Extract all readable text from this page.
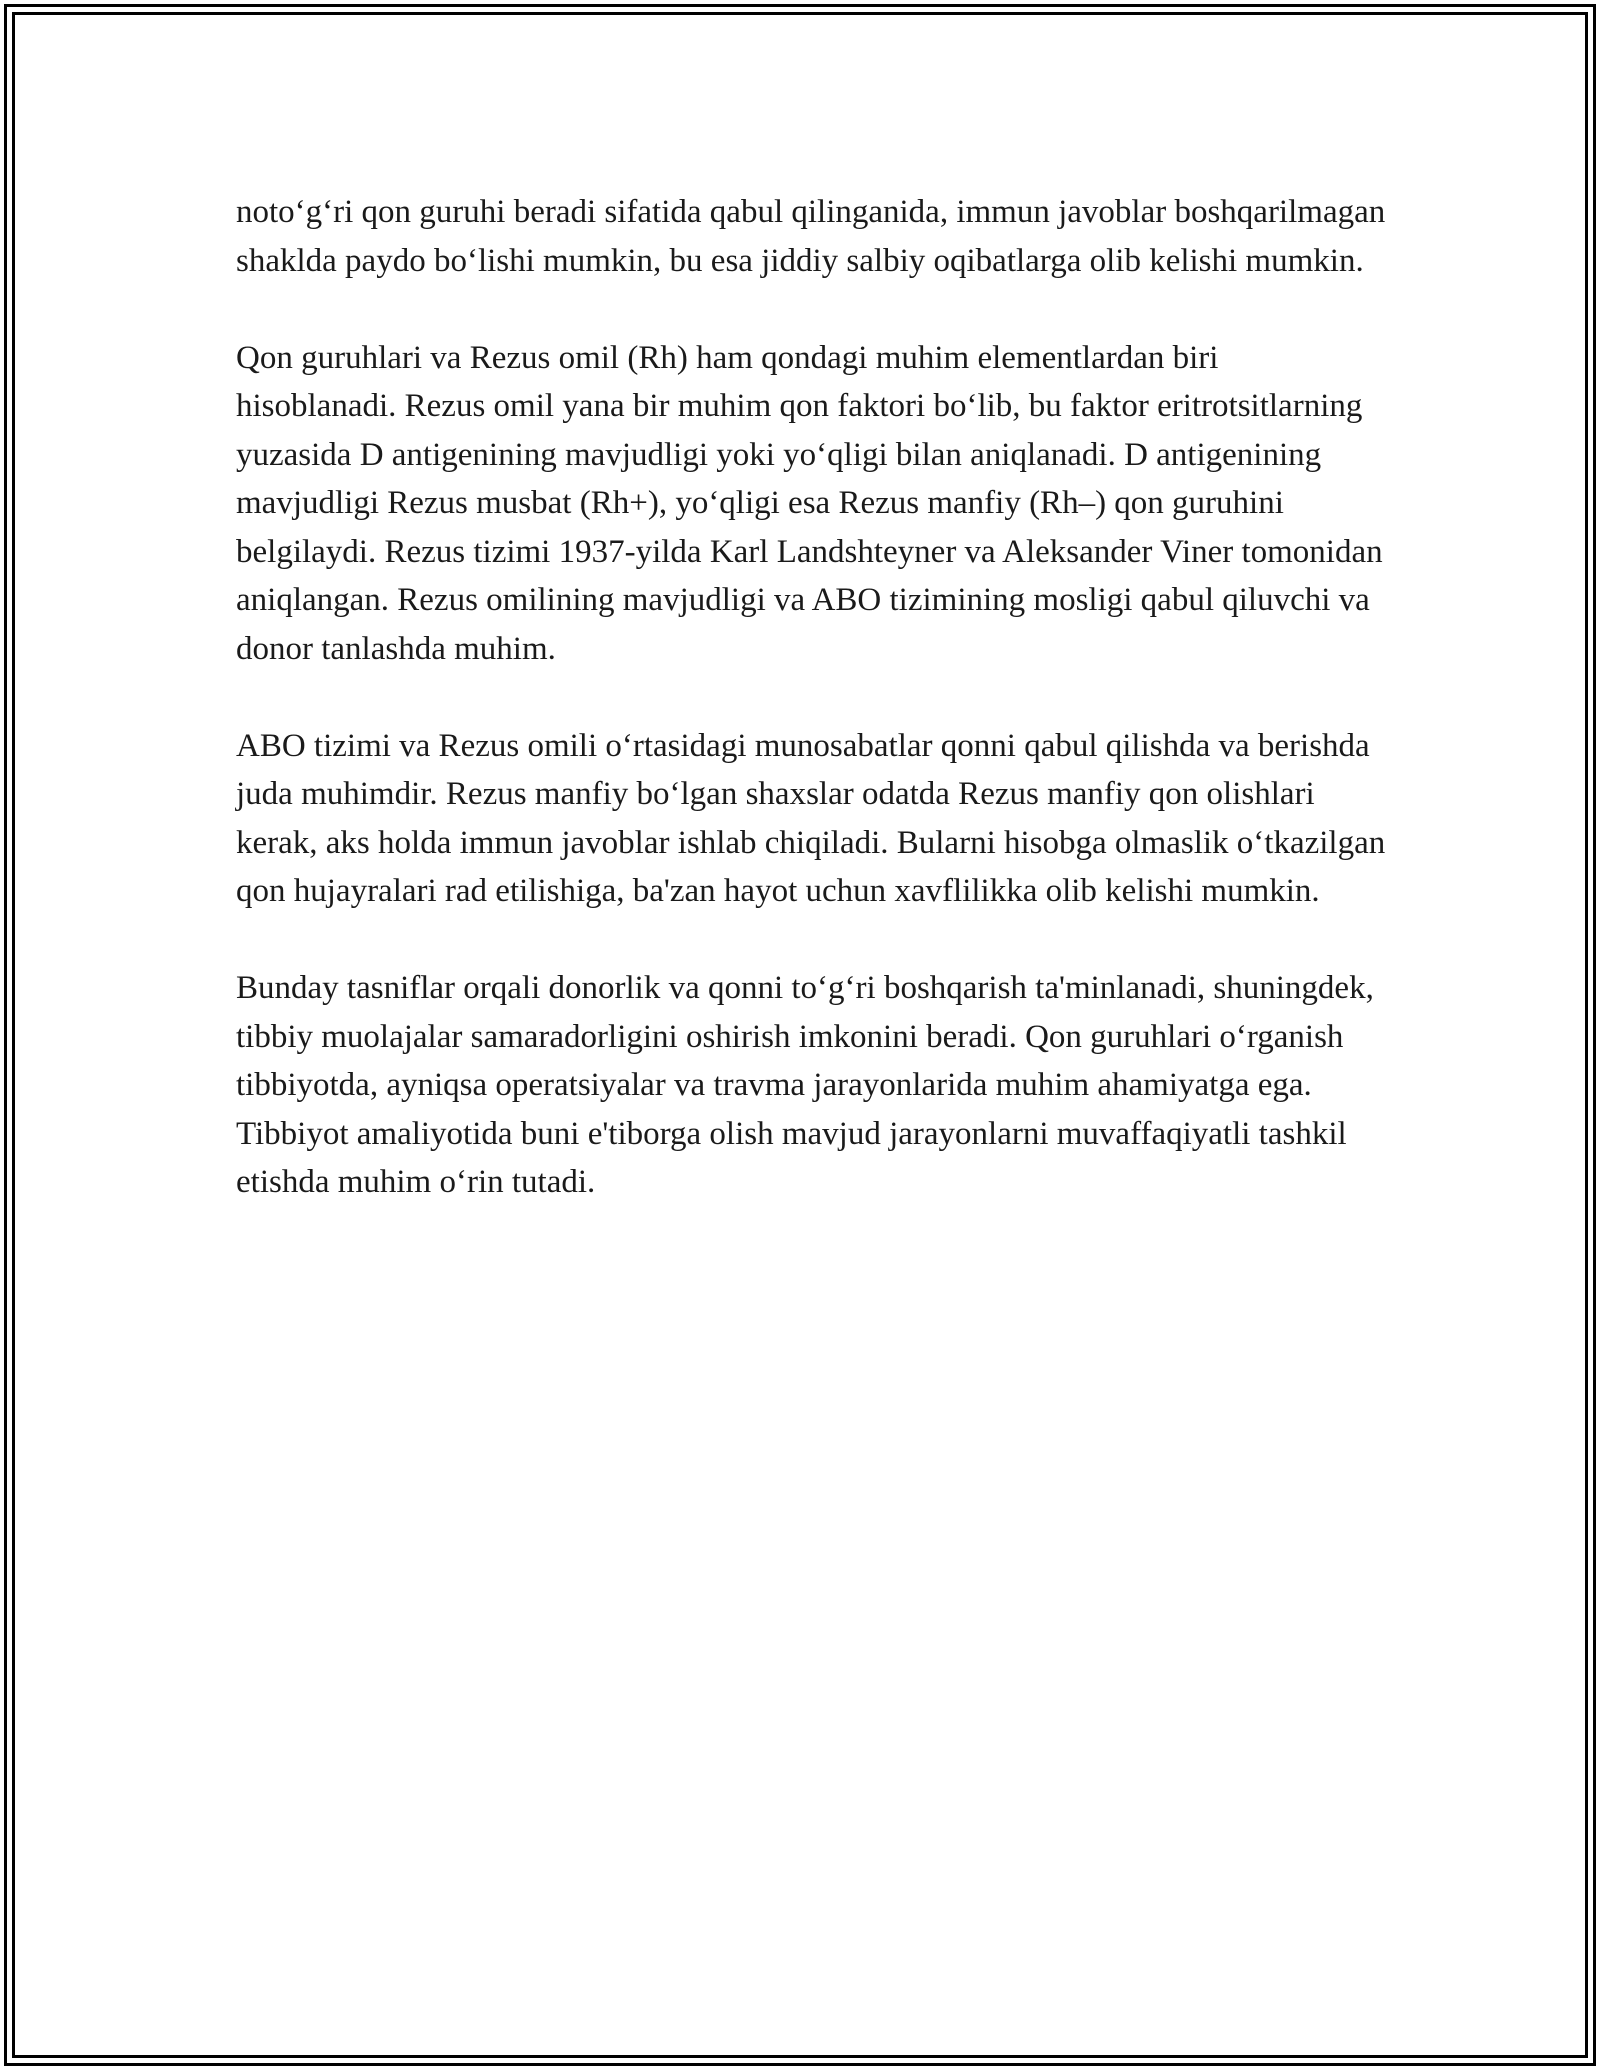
noto‘g‘ri qon guruhi beradi sifatida qabul qilinganida, immun javoblar boshqarilmagan shaklda paydo bo‘lishi mumkin, bu esa jiddiy salbiy oqibatlarga olib kelishi mumkin.

Qon guruhlari va Rezus omil (Rh) ham qondagi muhim elementlardan biri hisoblanadi. Rezus omil yana bir muhim qon faktori bo‘lib, bu faktor eritrotsitlarning yuzasida D antigenining mavjudligi yoki yo‘qligi bilan aniqlanadi. D antigenining mavjudligi Rezus musbat (Rh+), yo‘qligi esa Rezus manfiy (Rh–) qon guruhini belgilaydi. Rezus tizimi 1937-yilda Karl Landshteyner va Aleksander Viner tomonidan aniqlangan. Rezus omilining mavjudligi va ABO tizimining mosligi qabul qiluvchi va donor tanlashda muhim.

ABO tizimi va Rezus omili o‘rtasidagi munosabatlar qonni qabul qilishda va berishda juda muhimdir. Rezus manfiy bo‘lgan shaxslar odatda Rezus manfiy qon olishlari kerak, aks holda immun javoblar ishlab chiqiladi. Bularni hisobga olmaslik o‘tkazilgan qon hujayralari rad etilishiga, ba'zan hayot uchun xavflilikka olib kelishi mumkin.

Bunday tasniflar orqali donorlik va qonni to‘g‘ri boshqarish ta'minlanadi, shuningdek, tibbiy muolajalar samaradorligini oshirish imkonini beradi. Qon guruhlari o‘rganish tibbiyotda, ayniqsa operatsiyalar va travma jarayonlarida muhim ahamiyatga ega. Tibbiyot amaliyotida buni e'tiborga olish mavjud jarayonlarni muvaffaqiyatli tashkil etishda muhim o‘rin tutadi.
